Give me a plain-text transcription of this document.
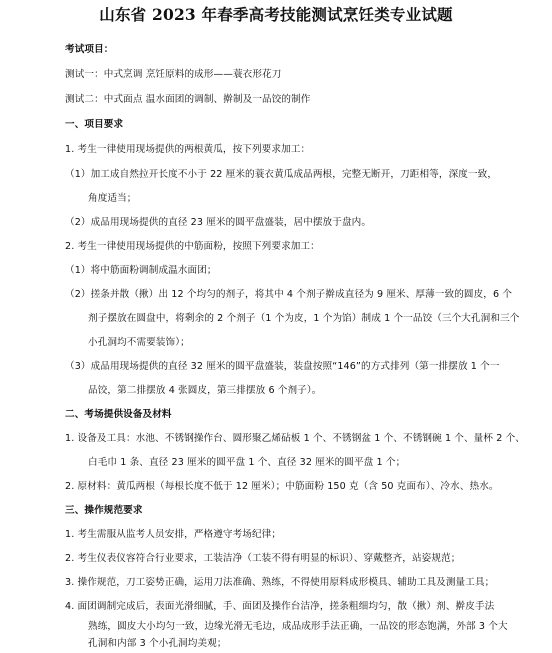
山东省 2023 年春季高考技能测试烹饪类专业试题
考试项目：
测试一：中式烹调 烹饪原料的成形——蓑衣形花刀
测试二：中式面点 温水面团的调制、擀制及一品饺的制作
一、项目要求
1. 考生一律使用现场提供的两根黄瓜，按下列要求加工：
（1）加工成自然拉开长度不小于 22 厘米的蓑衣黄瓜成品两根，完整无断开，刀距相等，深度一致，
角度适当；
（2）成品用现场提供的直径 23 厘米的圆平盘盛装，居中摆放于盘内。
2. 考生一律使用现场提供的中筋面粉，按照下列要求加工：
（1）将中筋面粉调制成温水面团；
（2）搓条并散（揪）出 12 个均匀的剂子，将其中 4 个剂子擀成直径为 9 厘米、厚薄一致的圆皮，6 个
剂子摆放在圆盘中，将剩余的 2 个剂子（1 个为皮，1 个为馅）制成 1 个一品饺（三个大孔洞和三个
小孔洞均不需要装饰）；
（3）成品用现场提供的直径 32 厘米的圆平盘盛装，装盘按照“146”的方式排列（第一排摆放 1 个一
品饺，第二排摆放 4 张圆皮，第三排摆放 6 个剂子）。
二、考场提供设备及材料
1. 设备及工具：水池、不锈钢操作台、圆形聚乙烯砧板 1 个、不锈钢盆 1 个、不锈钢碗 1 个、量杯 2 个、
白毛巾 1 条、直径 23 厘米的圆平盘 1 个、直径 32 厘米的圆平盘 1 个；
2. 原材料：黄瓜两根（每根长度不低于 12 厘米）；中筋面粉 150 克（含 50 克面布）、冷水、热水。
三、操作规范要求
1. 考生需服从监考人员安排，严格遵守考场纪律；
2. 考生仪表仪容符合行业要求，工装洁净（工装不得有明显的标识）、穿戴整齐，站姿规范；
3. 操作规范，刀工姿势正确，运用刀法准确、熟练，不得使用原料成形模具、辅助工具及测量工具；
4. 面团调制完成后，表面光滑细腻，手、面团及操作台洁净，搓条粗细均匀，散（揪）剂、擀皮手法
熟练，圆皮大小均匀一致，边缘光滑无毛边，成品成形手法正确，一品饺的形态饱满，外部 3 个大
孔洞和内部 3 个小孔洞均美观；
